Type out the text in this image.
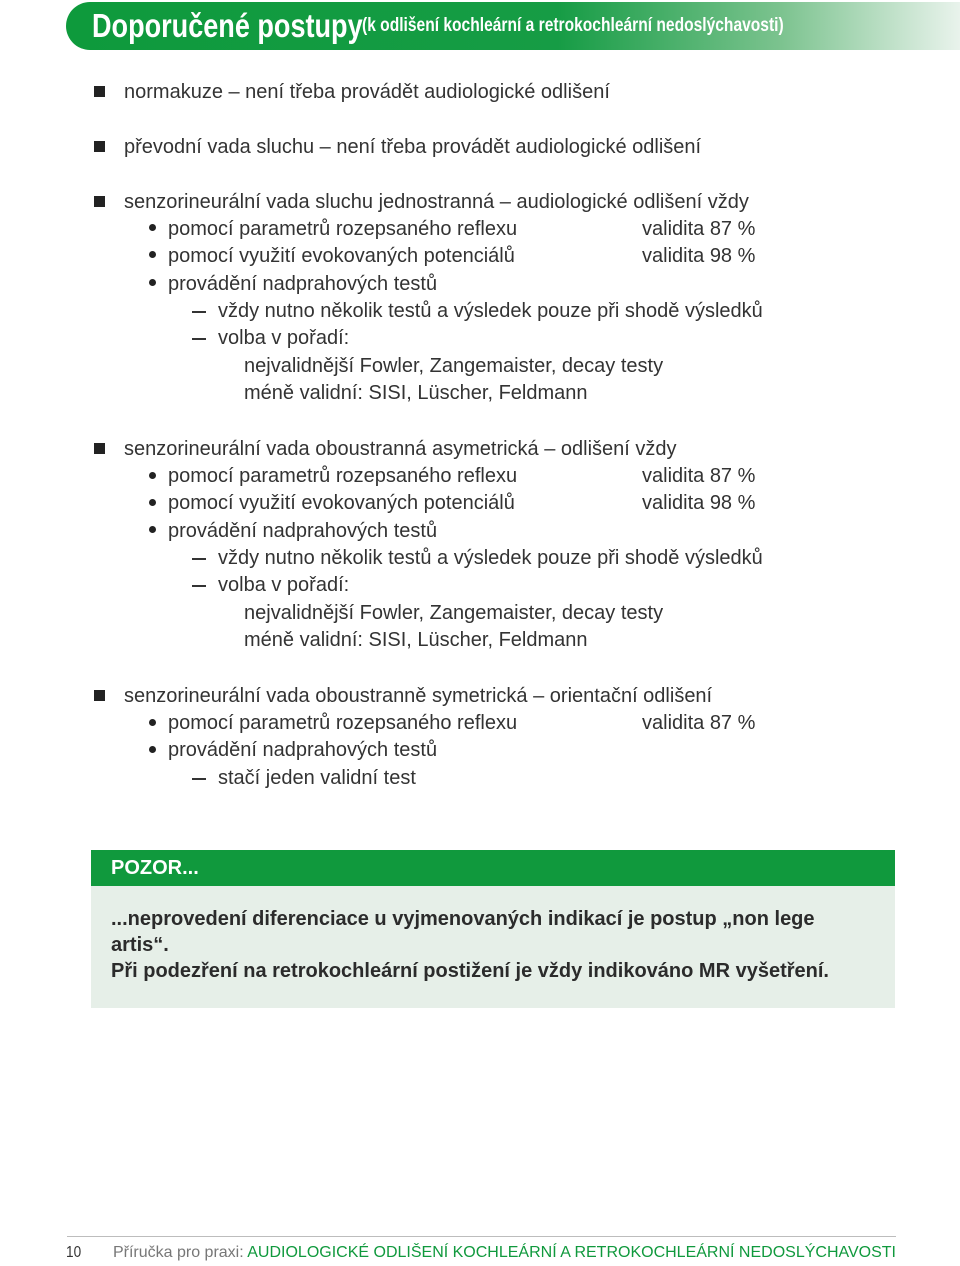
Doporučené postupy (k odlišení kochleární a retrokochleární nedoslýchavosti)
normakuze – není třeba provádět audiologické odlišení
převodní vada sluchu – není třeba provádět audiologické odlišení
senzorineurální vada sluchu jednostranná – audiologické odlišení vždy
pomocí parametrů rozepsaného reflexu	validita 87 %
pomocí využití evokovaných potenciálů	validita 98 %
provádění nadprahových testů
vždy nutno několik testů a výsledek pouze při shodě výsledků
volba v pořadí:
nejvalidnější Fowler, Zangemaister, decay testy
méně validní: SISI, Lüscher, Feldmann
senzorineurální vada oboustranná asymetrická – odlišení vždy
pomocí parametrů rozepsaného reflexu	validita 87 %
pomocí využití evokovaných potenciálů	validita 98 %
provádění nadprahových testů
vždy nutno několik testů a výsledek pouze při shodě výsledků
volba v pořadí:
nejvalidnější Fowler, Zangemaister, decay testy
méně validní: SISI, Lüscher, Feldmann
senzorineurální vada oboustranně symetrická – orientační odlišení
pomocí parametrů rozepsaného reflexu	validita 87 %
provádění nadprahových testů
stačí jeden validní test
POZOR...

...neprovedení diferenciace u vyjmenovaných indikací je postup „non lege artis“.

Při podezření na retrokochleární postižení je vždy indikováno MR vyšetření.

10 Příručka pro praxi: AUDIOLOGICKÉ ODLIŠENÍ KOCHLEÁRNÍ A RETROKOCHLEÁRNÍ NEDOSLÝCHAVOSTI
